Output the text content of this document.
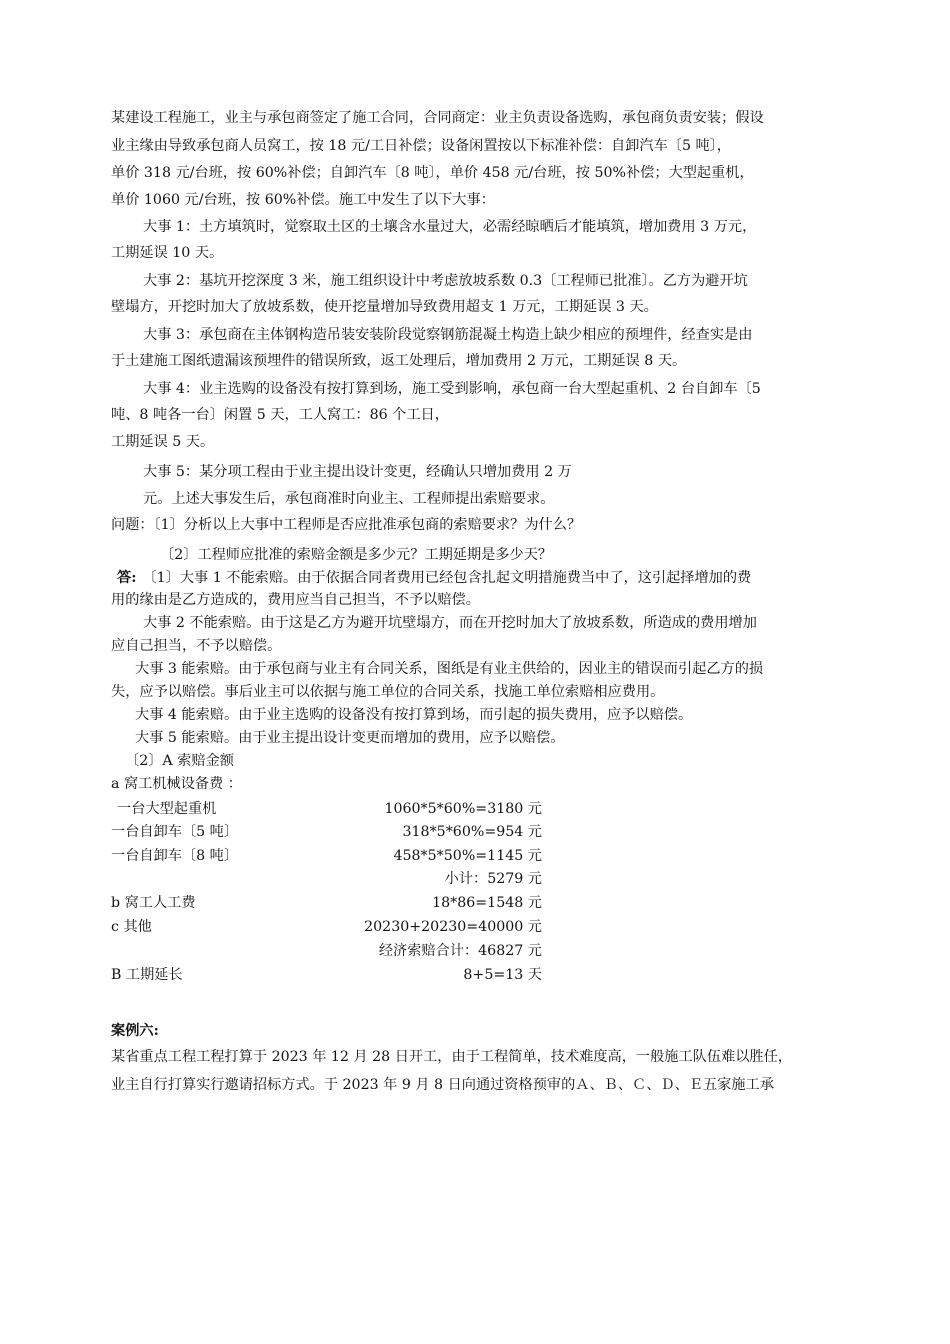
某建设工程施工，业主与承包商签定了施工合同，合同商定：业主负责设备选购，承包商负责安装；假设
业主缘由导致承包商人员窝工，按 18 元/工日补偿；设备闲置按以下标准补偿：自卸汽车〔5 吨〕，
单价 318 元/台班，按 60%补偿；自卸汽车〔8 吨〕，单价 458 元/台班，按 50%补偿；大型起重机，
单价 1060 元/台班，按 60%补偿。施工中发生了以下大事：
大事 1：土方填筑时，觉察取土区的土壤含水量过大，必需经晾晒后才能填筑，增加费用 3 万元，
工期延误 10 天。
大事 2：基坑开挖深度 3 米，施工组织设计中考虑放坡系数 0.3〔工程师已批准〕。乙方为避开坑
壁塌方，开挖时加大了放坡系数，使开挖量增加导致费用超支 1 万元，工期延误 3 天。
大事 3：承包商在主体钢构造吊装安装阶段觉察钢筋混凝土构造上缺少相应的预埋件，经查实是由
于土建施工图纸遗漏该预埋件的错误所致，返工处理后，增加费用 2 万元，工期延误 8 天。
大事 4：业主选购的设备没有按打算到场，施工受到影响，承包商一台大型起重机、2 台自卸车〔5
吨、8 吨各一台〕闲置 5 天，工人窝工：86 个工日，
工期延误 5 天。
大事 5：某分项工程由于业主提出设计变更，经确认只增加费用 2 万
元。上述大事发生后，承包商准时向业主、工程师提出索赔要求。
问题：〔1〕分析以上大事中工程师是否应批准承包商的索赔要求？为什么？
〔2〕工程师应批准的索赔金额是多少元？工期延期是多少天？
答: 〔1〕大事 1 不能索赔。由于依据合同者费用已经包含扎起文明措施费当中了，这引起择增加的费
用的缘由是乙方造成的，费用应当自己担当，不予以赔偿。
大事 2 不能索赔。由于这是乙方为避开坑壁塌方，而在开挖时加大了放坡系数，所造成的费用增加
应自己担当，不予以赔偿。
大事 3 能索赔。由于承包商与业主有合同关系，图纸是有业主供给的，因业主的错误而引起乙方的损
失，应予以赔偿。事后业主可以依据与施工单位的合同关系，找施工单位索赔相应费用。
大事 4 能索赔。由于业主选购的设备没有按打算到场，而引起的损失费用，应予以赔偿。
大事 5 能索赔。由于业主提出设计变更而增加的费用，应予以赔偿。
〔2〕A 索赔金额
a 窝工机械设备费 ：
一台大型起重机	1060*5*60%=3180 元
一台自卸车〔5 吨〕	318*5*60%=954 元
一台自卸车〔8 吨〕	458*5*50%=1145 元
小计：5279 元
b 窝工人工费	18*86=1548 元
c 其他	20230+20230=40000 元
经济索赔合计：46827 元
B 工期延长	8+5=13 天
案例六:
某省重点工程工程打算于 2023 年 12 月 28 日开工，由于工程简单，技术难度高，一般施工队伍难以胜任，
业主自行打算实行邀请招标方式。于 2023 年 9 月 8 日向通过资格预审的Ａ、Ｂ、Ｃ、Ｄ、Ｅ五家施工承
